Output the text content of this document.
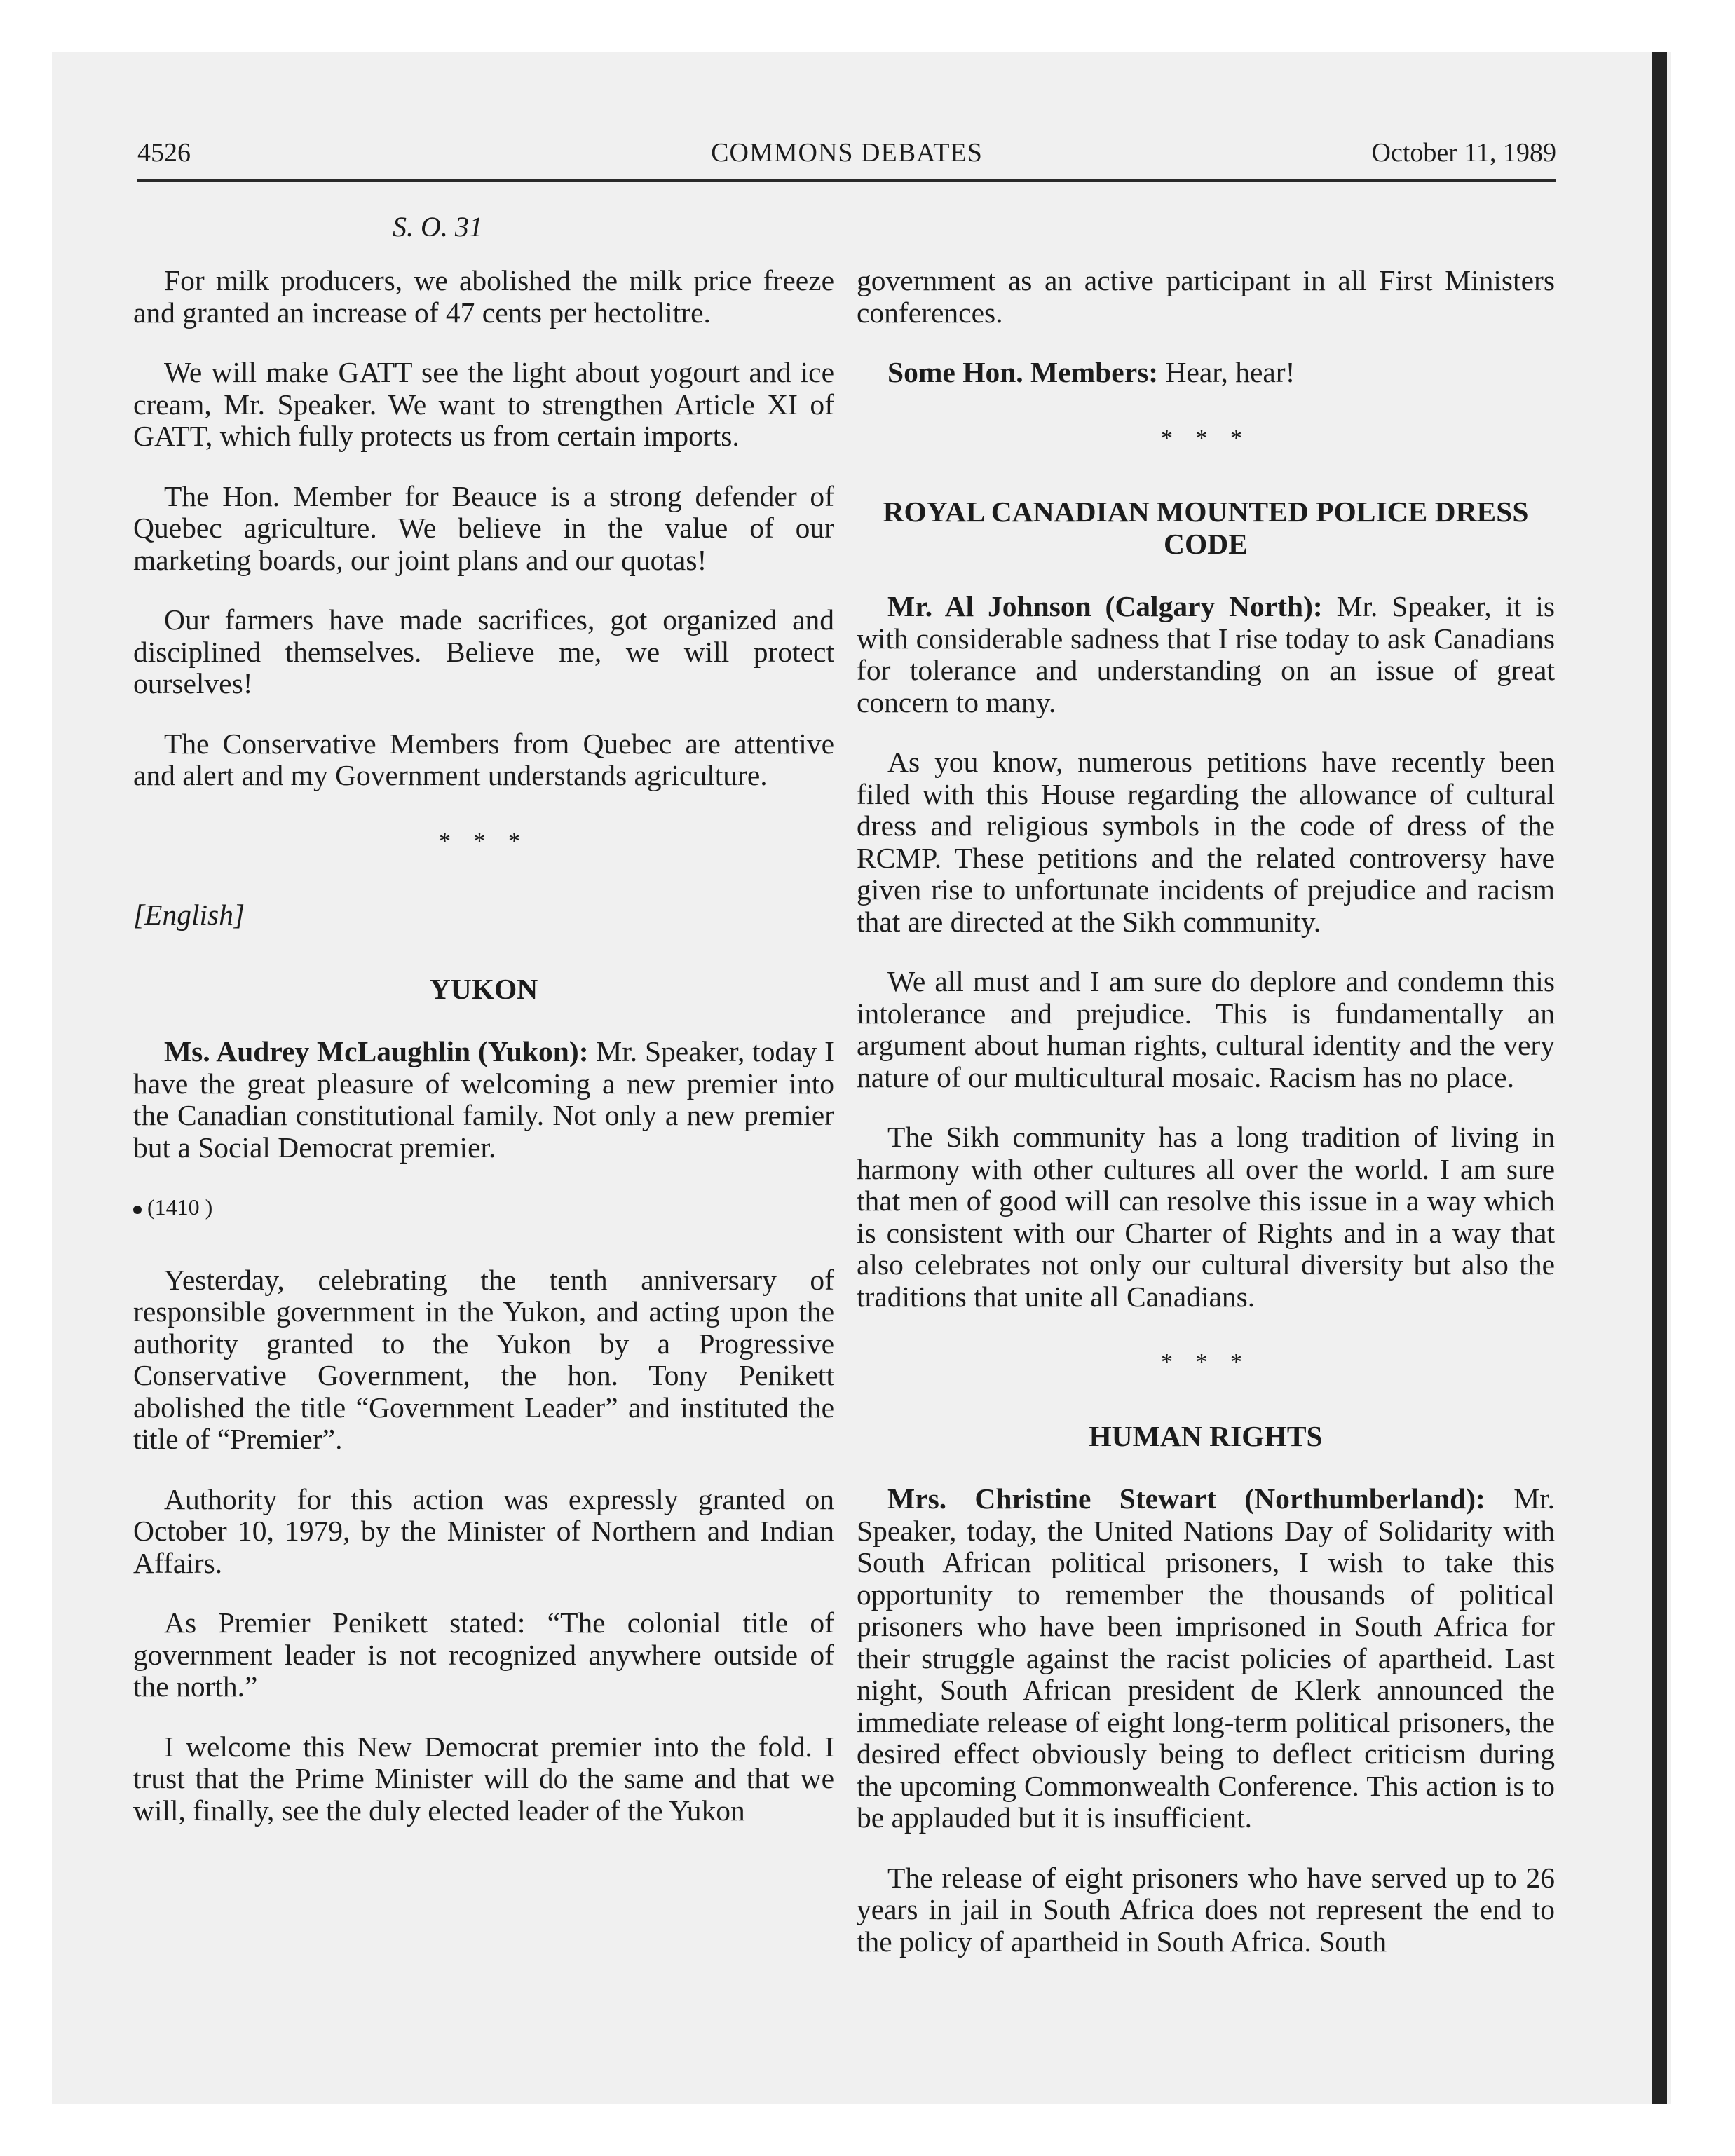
4526	COMMONS DEBATES	October 11, 1989
S. O. 31

For milk producers, we abolished the milk price freeze and granted an increase of 47 cents per hectolitre.

We will make GATT see the light about yogourt and ice cream, Mr. Speaker. We want to strengthen Article XI of GATT, which fully protects us from certain imports.

The Hon. Member for Beauce is a strong defender of Quebec agriculture. We believe in the value of our marketing boards, our joint plans and our quotas!

Our farmers have made sacrifices, got organized and disciplined themselves. Believe me, we will protect ourselves!

The Conservative Members from Quebec are attentive and alert and my Government understands agriculture.

* * *
[English]
YUKON

Ms. Audrey McLaughlin (Yukon): Mr. Speaker, today I have the great pleasure of welcoming a new premier into the Canadian constitutional family. Not only a new premier but a Social Democrat premier.

(1410 )

Yesterday, celebrating the tenth anniversary of responsible government in the Yukon, and acting upon the authority granted to the Yukon by a Progressive Conservative Government, the hon. Tony Penikett abolished the title “Government Leader” and instituted the title of “Premier”.

Authority for this action was expressly granted on October 10, 1979, by the Minister of Northern and Indian Affairs.

As Premier Penikett stated: “The colonial title of government leader is not recognized anywhere outside of the north.”

I welcome this New Democrat premier into the fold. I trust that the Prime Minister will do the same and that we will, finally, see the duly elected leader of the Yukon

government as an active participant in all First Ministers conferences.

Some Hon. Members: Hear, hear!

* * *
ROYAL CANADIAN MOUNTED POLICE DRESS CODE

Mr. Al Johnson (Calgary North): Mr. Speaker, it is with considerable sadness that I rise today to ask Canadians for tolerance and understanding on an issue of great concern to many.

As you know, numerous petitions have recently been filed with this House regarding the allowance of cultural dress and religious symbols in the code of dress of the RCMP. These petitions and the related controversy have given rise to unfortunate incidents of prejudice and racism that are directed at the Sikh community.

We all must and I am sure do deplore and condemn this intolerance and prejudice. This is fundamentally an argument about human rights, cultural identity and the very nature of our multicultural mosaic. Racism has no place.

The Sikh community has a long tradition of living in harmony with other cultures all over the world. I am sure that men of good will can resolve this issue in a way which is consistent with our Charter of Rights and in a way that also celebrates not only our cultural diversity but also the traditions that unite all Canadians.

* * *
HUMAN RIGHTS

Mrs. Christine Stewart (Northumberland): Mr. Speaker, today, the United Nations Day of Solidarity with South African political prisoners, I wish to take this opportunity to remember the thousands of political prisoners who have been imprisoned in South Africa for their struggle against the racist policies of apartheid. Last night, South African president de Klerk announced the immediate release of eight long-term political prisoners, the desired effect obviously being to deflect criticism during the upcoming Commonwealth Conference. This action is to be applauded but it is insufficient.

The release of eight prisoners who have served up to 26 years in jail in South Africa does not represent the end to the policy of apartheid in South Africa. South
